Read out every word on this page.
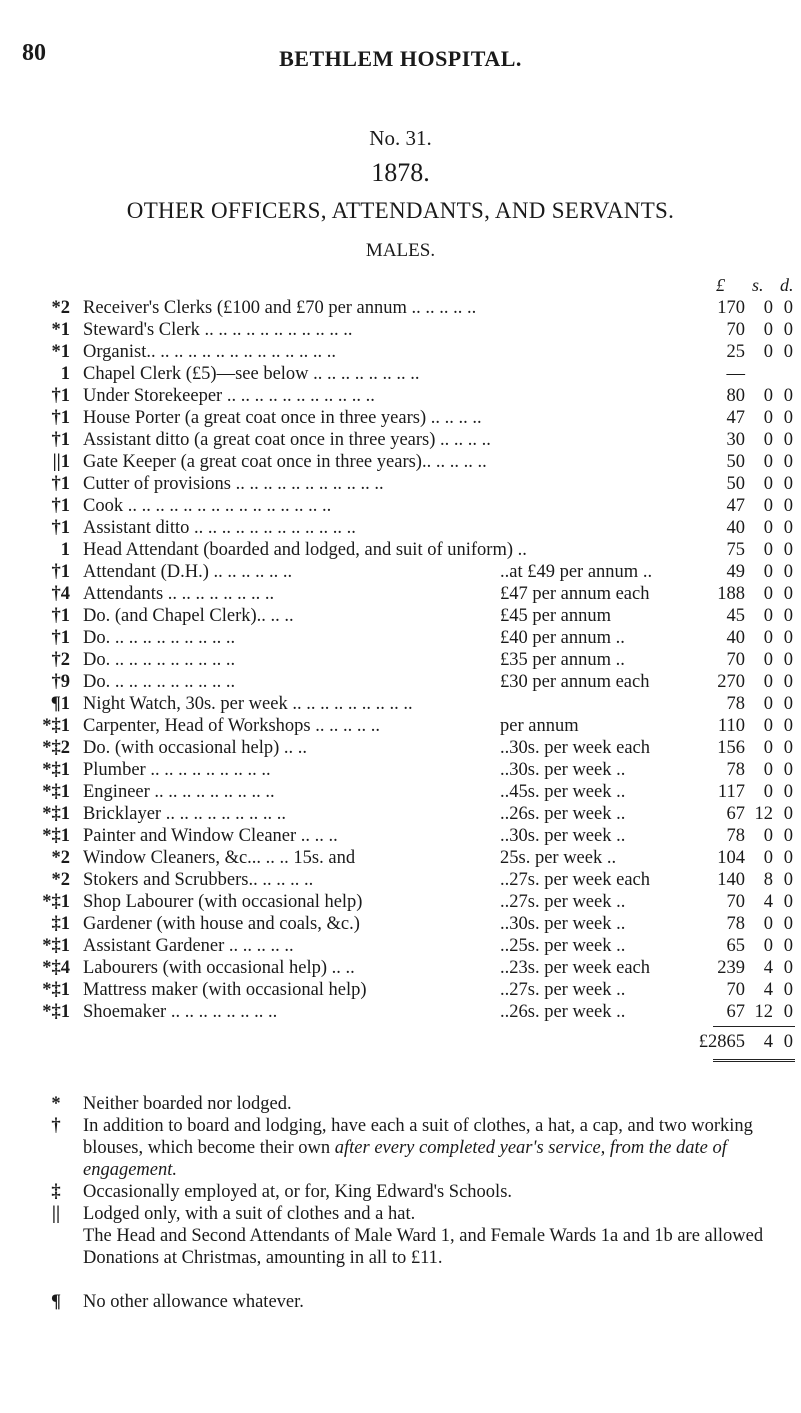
80	BETHLEM HOSPITAL.
No. 31.
1878.
OTHER OFFICERS, ATTENDANTS, AND SERVANTS.
MALES.
£ s. d.
*2 Receiver's Clerks (£100 and £70 per annum .. .. .. .. ..	170	0 0
*1 Steward's Clerk .. .. .. .. .. .. .. .. .. .. ..	70	0 0
*1 Organist.. .. .. .. .. .. .. .. .. .. .. .. .. ..	25	0 0
1 Chapel Clerk (£5)—see below .. .. .. .. .. .. .. ..	—
†1 Under Storekeeper .. .. .. .. .. .. .. .. .. .. ..	80	0 0
†1 House Porter (a great coat once in three years) .. .. .. ..	47	0 0
†1 Assistant ditto (a great coat once in three years) .. .. .. ..	30	0 0
||1 Gate Keeper (a great coat once in three years).. .. .. .. ..	50	0 0
†1 Cutter of provisions .. .. .. .. .. .. .. .. .. .. ..	50	0 0
†1 Cook .. .. .. .. .. .. .. .. .. .. .. .. .. .. ..	47	0 0
†1 Assistant ditto .. .. .. .. .. .. .. .. .. .. .. ..	40	0 0
1 Head Attendant (boarded and lodged, and suit of uniform) ..	75	0 0
†1 Attendant (D.H.) .. .. .. .. .. ..	..at £49 per annum ..	49	0 0
†4 Attendants .. .. .. .. .. .. .. ..	£47 per annum each	188	0 0
†1 Do. (and Chapel Clerk).. .. ..	£45 per annum	45	0 0
†1 Do. .. .. .. .. .. .. .. .. ..	£40 per annum ..	40	0 0
†2 Do. .. .. .. .. .. .. .. .. ..	£35 per annum ..	70	0 0
†9 Do. .. .. .. .. .. .. .. .. ..	£30 per annum each	270	0 0
¶1 Night Watch, 30s. per week .. .. .. .. .. .. .. .. ..	78	0 0
*‡1 Carpenter, Head of Workshops .. .. .. .. ..	per annum	110	0 0
*‡2 Do. (with occasional help) .. ..	..30s. per week each	156	0 0
*‡1 Plumber .. .. .. .. .. .. .. .. ..	..30s. per week ..	78	0 0
*‡1 Engineer .. .. .. .. .. .. .. .. ..	..45s. per week ..	117	0 0
*‡1 Bricklayer .. .. .. .. .. .. .. .. ..	..26s. per week ..	67 12 0
*‡1 Painter and Window Cleaner .. .. ..	..30s. per week ..	78	0 0
*2 Window Cleaners, &c... .. .. 15s. and	25s. per week ..	104	0 0
*2 Stokers and Scrubbers.. .. .. .. ..	..27s. per week each	140	8 0
*‡1 Shop Labourer (with occasional help)	..27s. per week ..	70	4 0
‡1 Gardener (with house and coals, &c.)	..30s. per week ..	78	0 0
*‡1 Assistant Gardener .. .. .. .. ..	..25s. per week ..	65	0 0
*‡4 Labourers (with occasional help) .. ..	..23s. per week each	239	4 0
*‡1 Mattress maker (with occasional help)	..27s. per week ..	70	4 0
*‡1 Shoemaker .. .. .. .. .. .. .. ..	..26s. per week ..	67 12 0
£2865	4 0
* Neither boarded nor lodged.
† In addition to board and lodging, have each a suit of clothes, a hat, a cap, and two working blouses, which become their own after every completed year's service, from the date of engagement.
‡ Occasionally employed at, or for, King Edward's Schools.
||	Lodged only, with a suit of clothes and a hat.
The Head and Second Attendants of Male Ward 1, and Female Wards 1a and 1b are allowed Donations at Christmas, amounting in all to £11.
¶ No other allowance whatever.
